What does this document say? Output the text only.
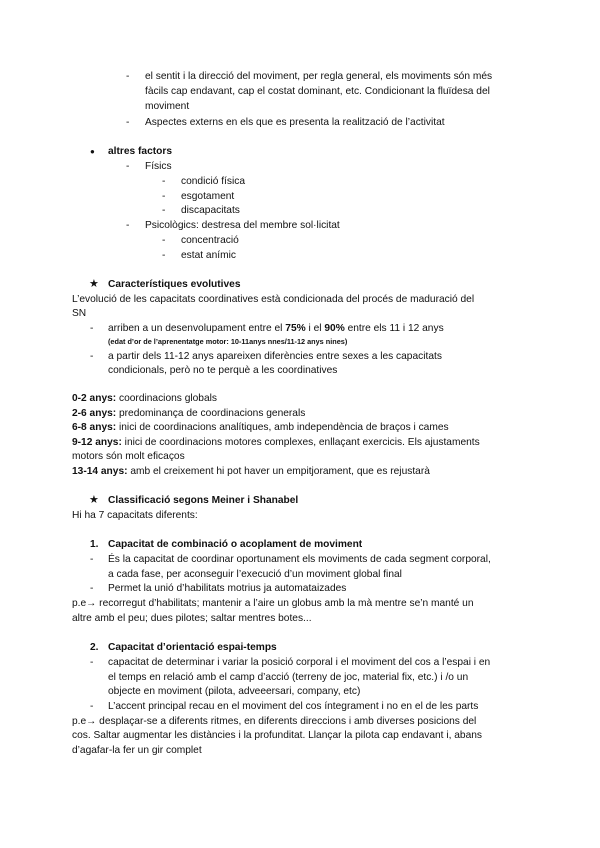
- el sentit i la direcció del moviment, per regla general, els moviments són més
fàcils cap endavant, cap el costat dominant, etc. Condicionant la fluïdesa del
moviment
- Aspectes externs en els que es presenta la realització de l’activitat
● altres factors
- Físics
- condició física
- esgotament
- discapacitats
- Psicològics: destresa del membre sol·licitat
- concentració
- estat anímic
★ Característiques evolutives
L’evolució de les capacitats coordinatives està condicionada del procés de maduració del
SN
- arriben a un desenvolupament entre el 75% i el 90% entre els 11 i 12 anys
(edat d’or de l’aprenentatge motor: 10-11anys nnes/11-12 anys nines)
- a partir dels 11-12 anys apareixen diferències entre sexes a les capacitats
condicionals, però no te perquè a les coordinatives
0-2 anys: coordinacions globals
2-6 anys: predominança de coordinacions generals
6-8 anys: inici de coordinacions analítiques, amb independència de braços i cames
9-12 anys: inici de coordinacions motores complexes, enllaçant exercicis. Els ajustaments
motors són molt eficaços
13-14 anys: amb el creixement hi pot haver un empitjorament, que es rejustarà
★ Classificació segons Meiner i Shanabel
Hi ha 7 capacitats diferents:
1. Capacitat de combinació o acoplament de moviment
- És la capacitat de coordinar oportunament els moviments de cada segment corporal,
a cada fase, per aconseguir l’execució d’un moviment global final
- Permet la unió d’habilitats motrius ja automataizades
p.e→ recorregut d’habilitats; mantenir a l’aire un globus amb la mà mentre se’n manté un
altre amb el peu; dues pilotes; saltar mentres botes...
2. Capacitat d’orientació espai-temps
- capacitat de determinar i variar la posició corporal i el moviment del cos a l’espai i en
el temps en relació amb el camp d’acció (terreny de joc, material fix, etc.) i /o un
objecte en moviment (pilota, adveeersari, company, etc)
- L’accent principal recau en el moviment del cos íntegrament i no en el de les parts
p.e→ desplaçar-se a diferents ritmes, en diferents direccions i amb diverses posicions del
cos. Saltar augmentar les distàncies i la profunditat. Llançar la pilota cap endavant i, abans
d’agafar-la fer un gir complet
